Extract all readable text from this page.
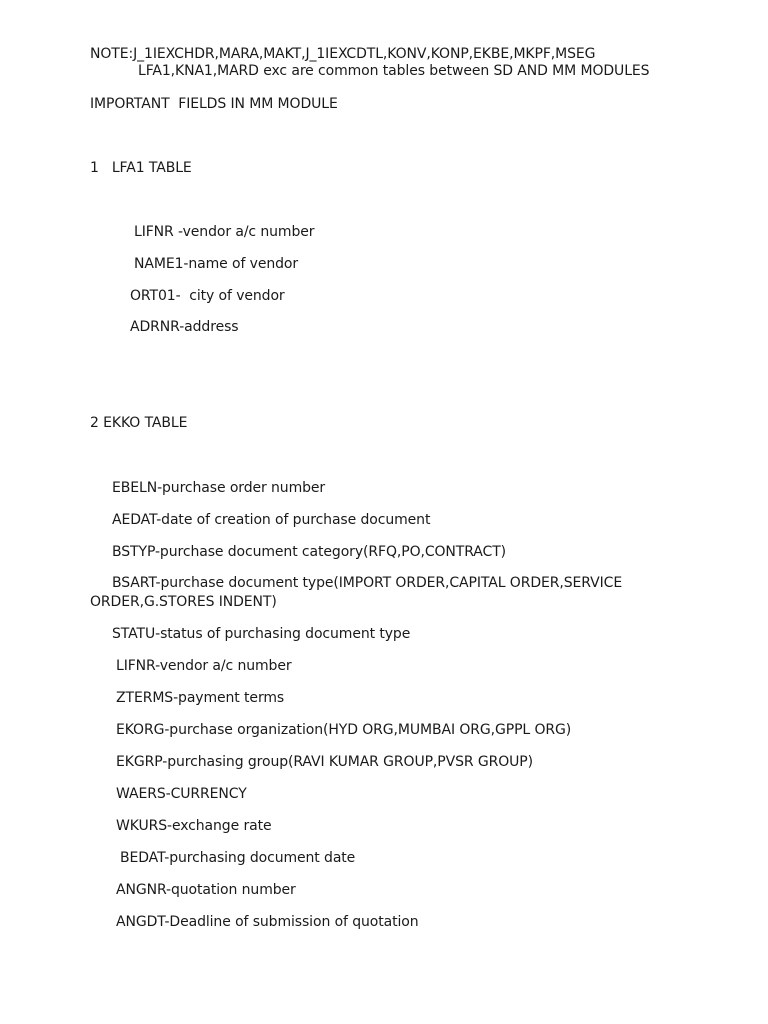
NOTE:J_1IEXCHDR,MARA,MAKT,J_1IEXCDTL,KONV,KONP,EKBE,MKPF,MSEG
LFA1,KNA1,MARD exc are common tables between SD AND MM MODULES
IMPORTANT  FIELDS IN MM MODULE
1   LFA1 TABLE
LIFNR -vendor a/c number
NAME1-name of vendor
ORT01-  city of vendor
ADRNR-address
2 EKKO TABLE
EBELN-purchase order number
AEDAT-date of creation of purchase document
BSTYP-purchase document category(RFQ,PO,CONTRACT)
BSART-purchase document type(IMPORT ORDER,CAPITAL ORDER,SERVICE
ORDER,G.STORES INDENT)
STATU-status of purchasing document type
LIFNR-vendor a/c number
ZTERMS-payment terms
EKORG-purchase organization(HYD ORG,MUMBAI ORG,GPPL ORG)
EKGRP-purchasing group(RAVI KUMAR GROUP,PVSR GROUP)
WAERS-CURRENCY
WKURS-exchange rate
BEDAT-purchasing document date
ANGNR-quotation number
ANGDT-Deadline of submission of quotation
